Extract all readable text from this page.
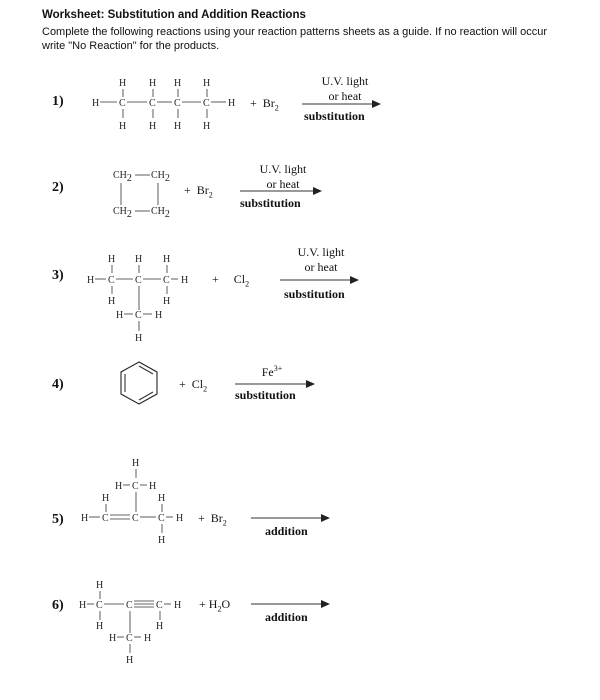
Worksheet: Substitution and Addition Reactions
Complete the following reactions using your reaction patterns sheets as a guide. If no reaction will occur write "No Reaction" for the products.
1)
2)
3)
4)
5)
6)
H H H H
H C C C C H
H H H H
CH2 CH2
CH2 CH2
H H H
H C C C H
H	H
H C H
H
H
H C H
H	H
H C C C H
H
H
H C C C H
H	H
H C H
H
+ $Br_2$
+ $Br_2$
+ $Cl_2$
+ $Cl_2$
+ $Br_2$
+ $H_2O$
U.V. light
or heat
U.V. light
or heat
U.V. light
or heat
$Fe^{3+}$
substitution
substitution
substitution
substitution
addition
addition
